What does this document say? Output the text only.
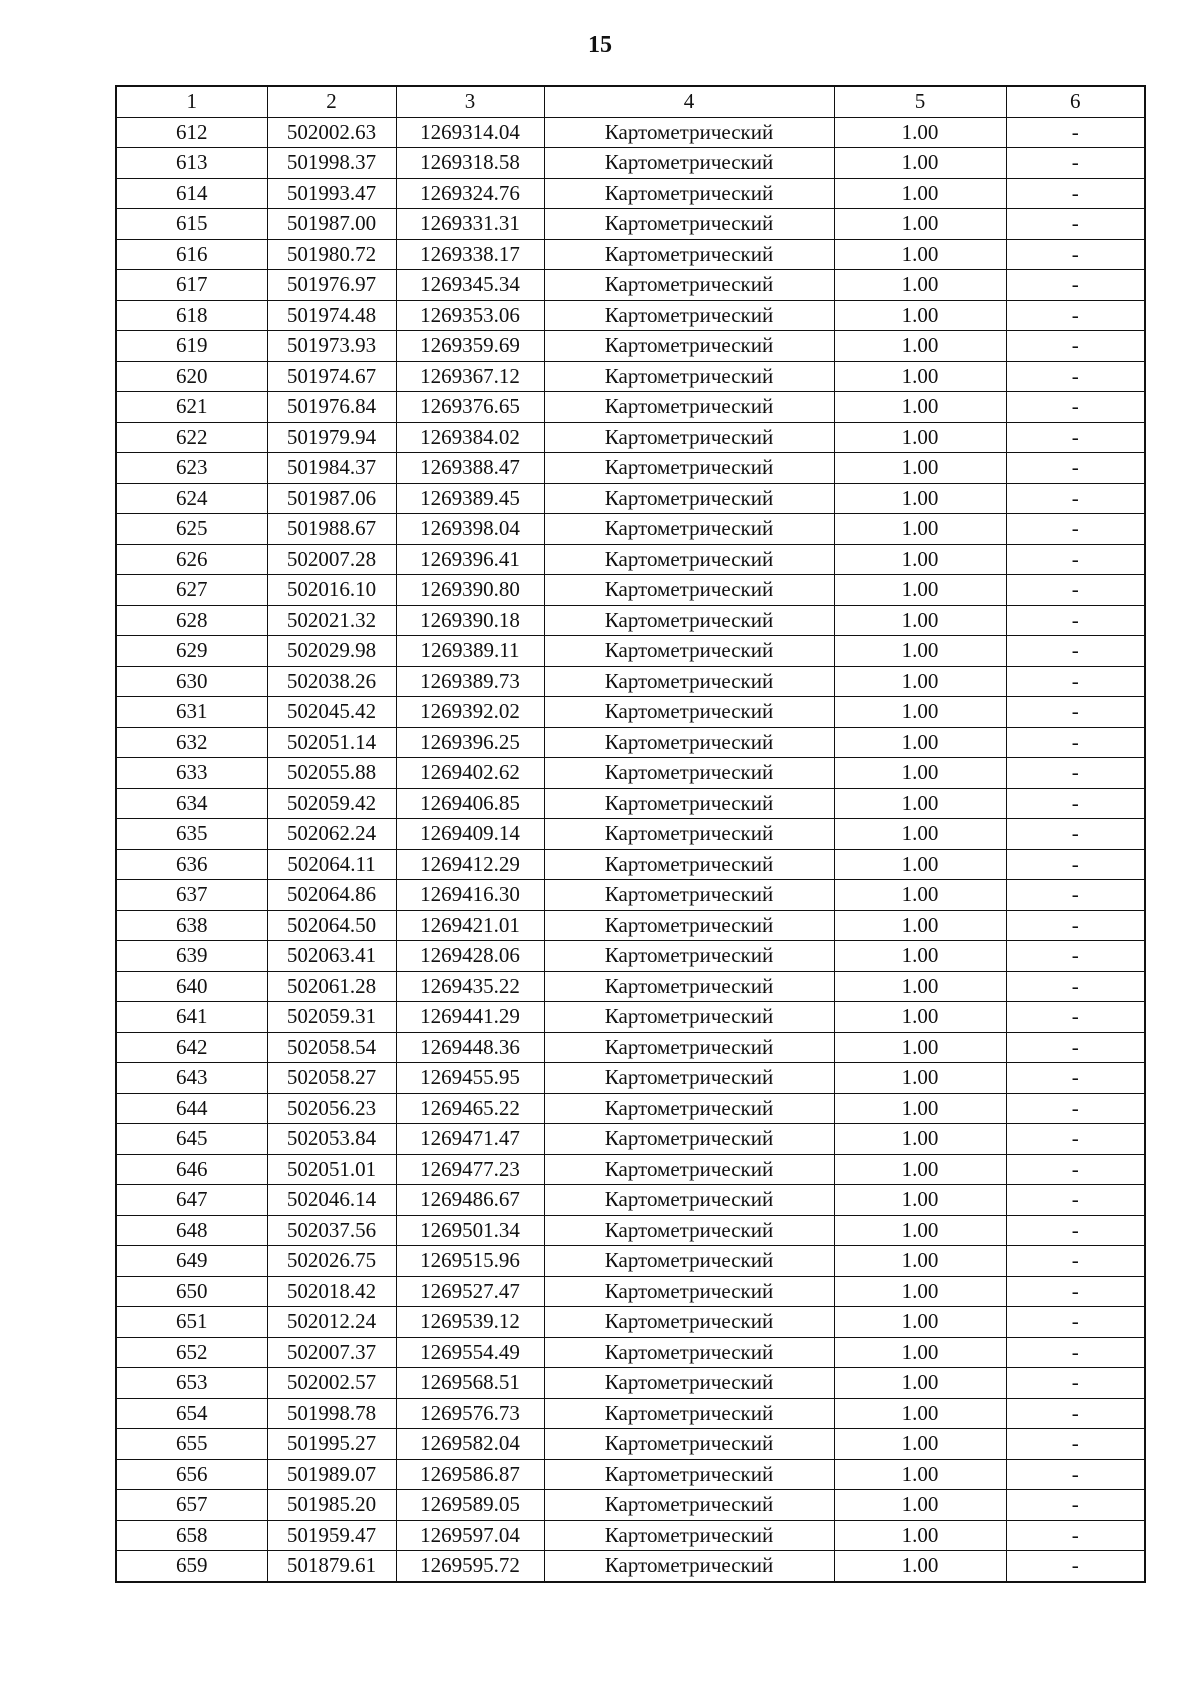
15
1	2	3	4	5	6
612	502002.63	1269314.04	Картометрический	1.00	-
613	501998.37	1269318.58	Картометрический	1.00	-
614	501993.47	1269324.76	Картометрический	1.00	-
615	501987.00	1269331.31	Картометрический	1.00	-
616	501980.72	1269338.17	Картометрический	1.00	-
617	501976.97	1269345.34	Картометрический	1.00	-
618	501974.48	1269353.06	Картометрический	1.00	-
619	501973.93	1269359.69	Картометрический	1.00	-
620	501974.67	1269367.12	Картометрический	1.00	-
621	501976.84	1269376.65	Картометрический	1.00	-
622	501979.94	1269384.02	Картометрический	1.00	-
623	501984.37	1269388.47	Картометрический	1.00	-
624	501987.06	1269389.45	Картометрический	1.00	-
625	501988.67	1269398.04	Картометрический	1.00	-
626	502007.28	1269396.41	Картометрический	1.00	-
627	502016.10	1269390.80	Картометрический	1.00	-
628	502021.32	1269390.18	Картометрический	1.00	-
629	502029.98	1269389.11	Картометрический	1.00	-
630	502038.26	1269389.73	Картометрический	1.00	-
631	502045.42	1269392.02	Картометрический	1.00	-
632	502051.14	1269396.25	Картометрический	1.00	-
633	502055.88	1269402.62	Картометрический	1.00	-
634	502059.42	1269406.85	Картометрический	1.00	-
635	502062.24	1269409.14	Картометрический	1.00	-
636	502064.11	1269412.29	Картометрический	1.00	-
637	502064.86	1269416.30	Картометрический	1.00	-
638	502064.50	1269421.01	Картометрический	1.00	-
639	502063.41	1269428.06	Картометрический	1.00	-
640	502061.28	1269435.22	Картометрический	1.00	-
641	502059.31	1269441.29	Картометрический	1.00	-
642	502058.54	1269448.36	Картометрический	1.00	-
643	502058.27	1269455.95	Картометрический	1.00	-
644	502056.23	1269465.22	Картометрический	1.00	-
645	502053.84	1269471.47	Картометрический	1.00	-
646	502051.01	1269477.23	Картометрический	1.00	-
647	502046.14	1269486.67	Картометрический	1.00	-
648	502037.56	1269501.34	Картометрический	1.00	-
649	502026.75	1269515.96	Картометрический	1.00	-
650	502018.42	1269527.47	Картометрический	1.00	-
651	502012.24	1269539.12	Картометрический	1.00	-
652	502007.37	1269554.49	Картометрический	1.00	-
653	502002.57	1269568.51	Картометрический	1.00	-
654	501998.78	1269576.73	Картометрический	1.00	-
655	501995.27	1269582.04	Картометрический	1.00	-
656	501989.07	1269586.87	Картометрический	1.00	-
657	501985.20	1269589.05	Картометрический	1.00	-
658	501959.47	1269597.04	Картометрический	1.00	-
659	501879.61	1269595.72	Картометрический	1.00	-
